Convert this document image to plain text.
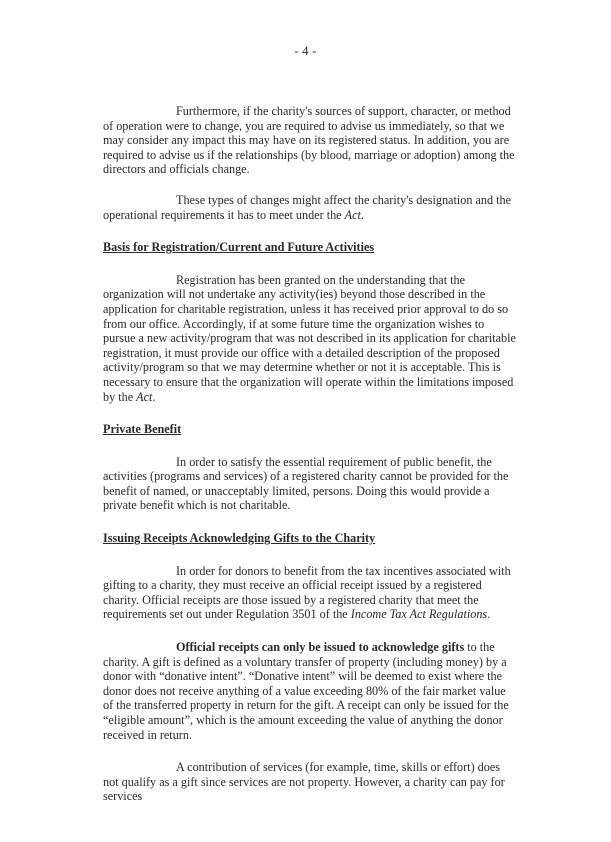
- 4 -

Furthermore, if the charity's sources of support, character, or method of operation were to change, you are required to advise us immediately, so that we may consider any impact this may have on its registered status. In addition, you are required to advise us if the relationships (by blood, marriage or adoption) among the directors and officials change.

These types of changes might affect the charity's designation and the operational requirements it has to meet under the Act.

Basis for Registration/Current and Future Activities

Registration has been granted on the understanding that the organization will not undertake any activity(ies) beyond those described in the application for charitable registration, unless it has received prior approval to do so from our office. Accordingly, if at some future time the organization wishes to pursue a new activity/program that was not described in its application for charitable registration, it must provide our office with a detailed description of the proposed activity/program so that we may determine whether or not it is acceptable. This is necessary to ensure that the organization will operate within the limitations imposed by the Act.

Private Benefit

In order to satisfy the essential requirement of public benefit, the activities (programs and services) of a registered charity cannot be provided for the benefit of named, or unacceptably limited, persons. Doing this would provide a private benefit which is not charitable.

Issuing Receipts Acknowledging Gifts to the Charity

In order for donors to benefit from the tax incentives associated with gifting to a charity, they must receive an official receipt issued by a registered charity. Official receipts are those issued by a registered charity that meet the requirements set out under Regulation 3501 of the Income Tax Act Regulations.

Official receipts can only be issued to acknowledge gifts to the charity. A gift is defined as a voluntary transfer of property (including money) by a donor with “donative intent”. “Donative intent” will be deemed to exist where the donor does not receive anything of a value exceeding 80% of the fair market value of the transferred property in return for the gift. A receipt can only be issued for the “eligible amount”, which is the amount exceeding the value of anything the donor received in return.

A contribution of services (for example, time, skills or effort) does not qualify as a gift since services are not property. However, a charity can pay for services
